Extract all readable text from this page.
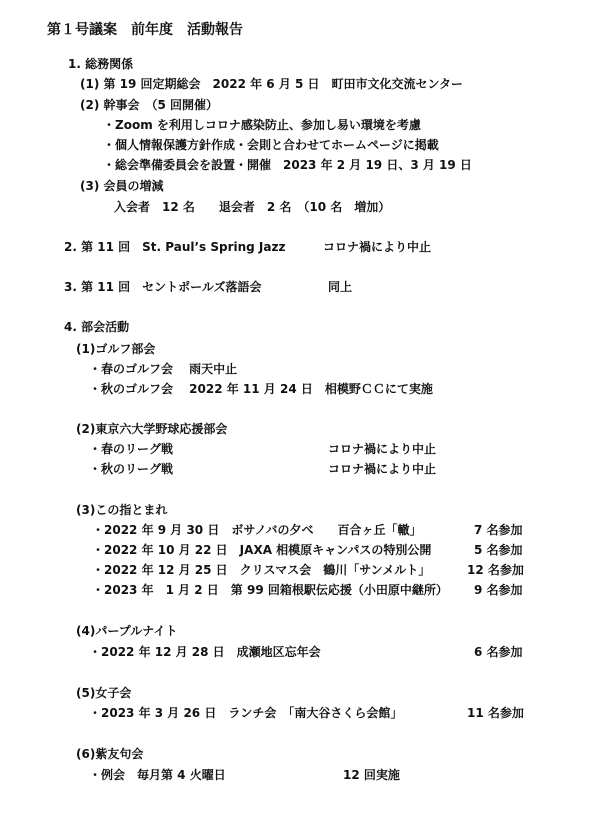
第１号議案　前年度　活動報告
1. 総務関係
(1) 第 19 回定期総会　2022 年 6 月 5 日　町田市文化交流センター
(2) 幹事会　（5 回開催）
・Zoom を利用しコロナ感染防止、参加し易い環境を考慮
・個人情報保護方針作成・会則と合わせてホームページに掲載
・総会準備委員会を設置・開催　2023 年 2 月 19 日、3 月 19 日
(3) 会員の増減
入会者　12 名　　退会者　2 名　（10 名　増加）
2. 第 11 回　St. Paul’s Spring Jazz	コロナ禍により中止
3. 第 11 回　セントポールズ落語会	同上
4. 部会活動
(1)ゴルフ部会
・春のゴルフ会　 雨天中止
・秋のゴルフ会　 2022 年 11 月 24 日　相模野ＣＣにて実施
(2)東京六大学野球応援部会
・春のリーグ戦	コロナ禍により中止
・秋のリーグ戦	コロナ禍により中止
(3)この指とまれ
・2022 年 9 月 30 日　ボサノバの夕べ　　百合ヶ丘「轍」	7 名参加
・2022 年 10 月 22 日　JAXA 相模原キャンパスの特別公開	5 名参加
・2022 年 12 月 25 日　クリスマス会　鶴川「サンメルト」	12 名参加
・2023 年　1 月 2 日　第 99 回箱根駅伝応援（小田原中継所） 9 名参加
(4)パープルナイト
・2022 年 12 月 28 日　成瀬地区忘年会	6 名参加
(5)女子会
・2023 年 3 月 26 日　ランチ会　「南大谷さくら会館」	11 名参加
(6)紫友句会
・例会　毎月第 4 火曜日	12 回実施
